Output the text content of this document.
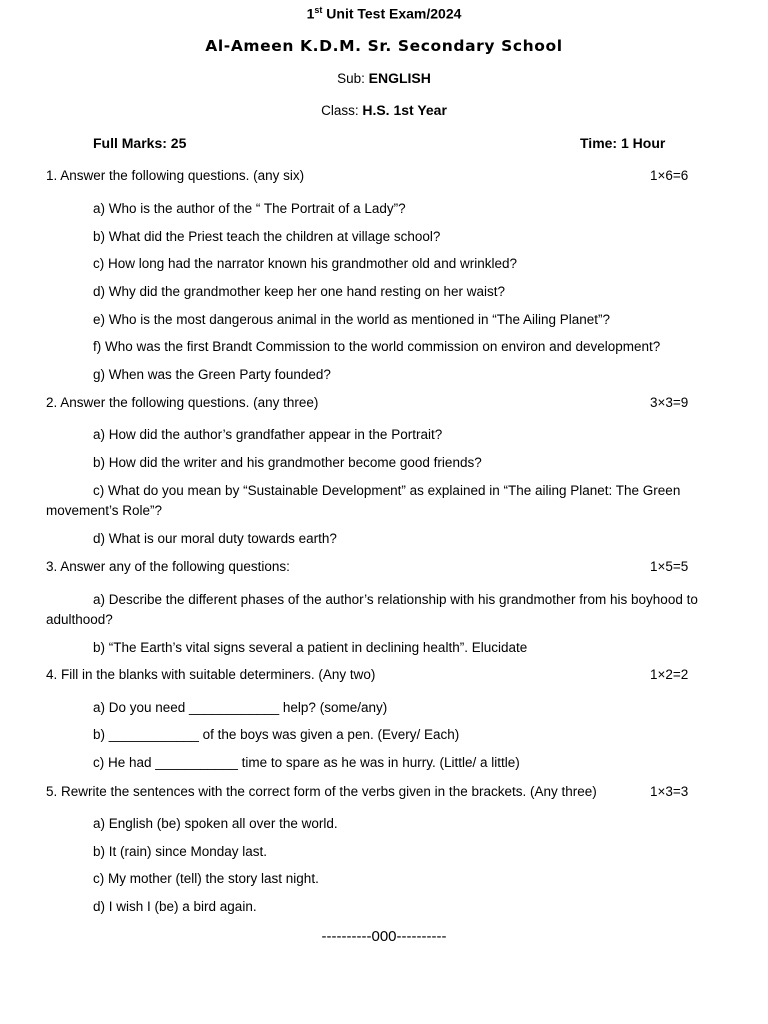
1st Unit Test Exam/2024
Al-Ameen K.D.M. Sr. Secondary School
Sub: ENGLISH
Class: H.S. 1st Year
Full Marks: 25	Time: 1 Hour
1. Answer the following questions. (any six)	1×6=6
a) Who is the author of the “ The Portrait of a Lady”?
b) What did the Priest teach the children at village school?
c) How long had the narrator known his grandmother old and wrinkled?
d) Why did the grandmother keep her one hand resting on her waist?
e) Who is the most dangerous animal in the world as mentioned in “The Ailing Planet”?
f) Who was the first Brandt Commission to the world commission on environ and development?
g) When was the Green Party founded?
2. Answer the following questions. (any three)	3×3=9
a) How did the author’s grandfather appear in the Portrait?
b) How did the writer and his grandmother become good friends?
c) What do you mean by “Sustainable Development” as explained in “The ailing Planet: The Green movement’s Role”?
d) What is our moral duty towards earth?
3. Answer any of the following questions:	1×5=5
a) Describe the different phases of the author’s relationship with his grandmother from his boyhood to adulthood?
b) “The Earth’s vital signs several a patient in declining health”. Elucidate
4. Fill in the blanks with suitable determiners. (Any two)	1×2=2
a) Do you need ____________ help? (some/any)
b) ____________ of the boys was given a pen. (Every/ Each)
c) He had ___________ time to spare as he was in hurry. (Little/ a little)
5. Rewrite the sentences with the correct form of the verbs given in the brackets. (Any three)	1×3=3
a) English (be) spoken all over the world.
b) It (rain) since Monday last.
c) My mother (tell) the story last night.
d) I wish I (be) a bird again.
----------000----------
